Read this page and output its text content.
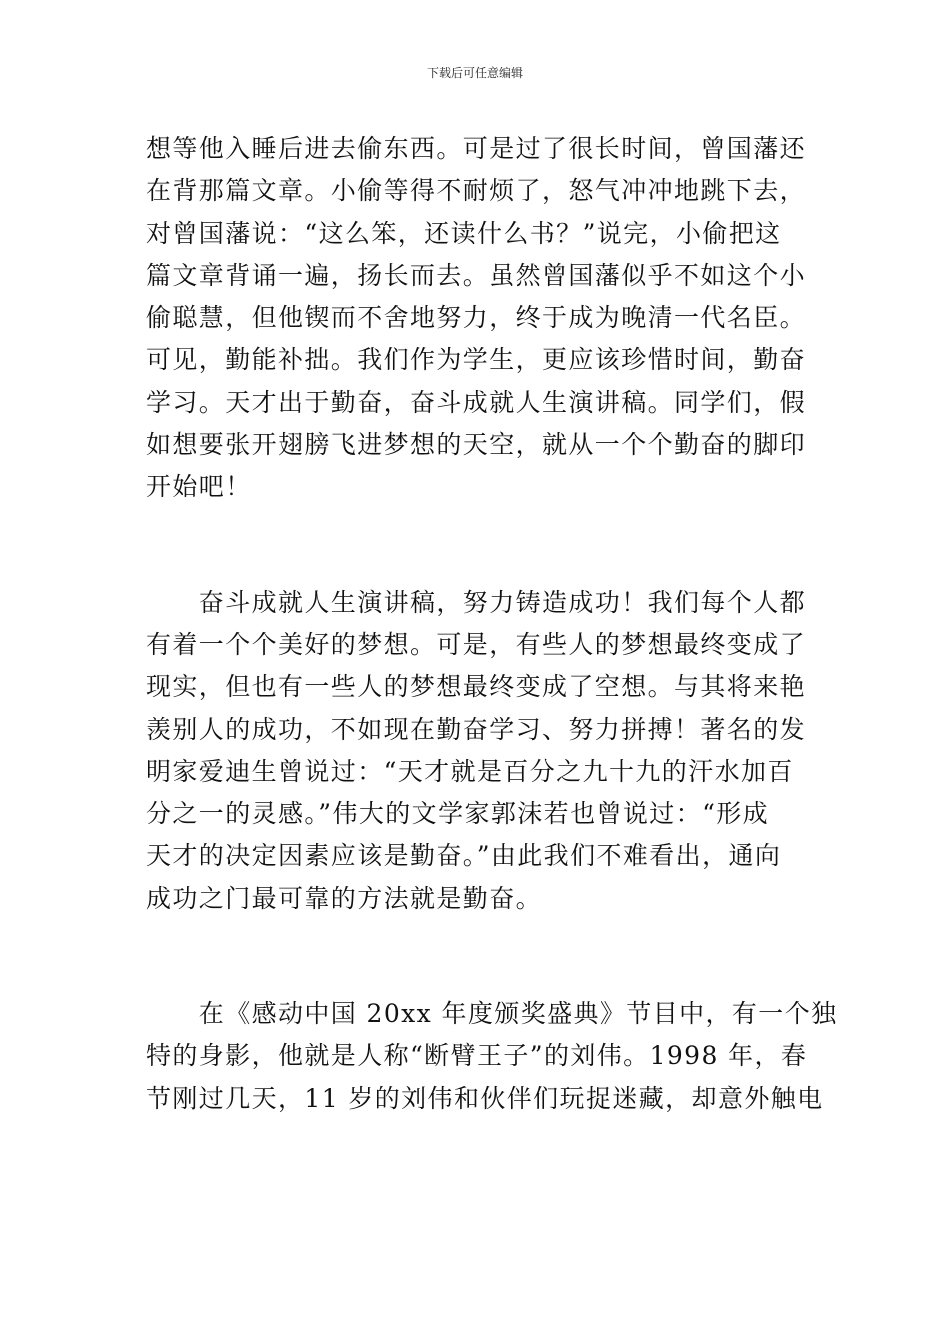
下载后可任意编辑
想等他入睡后进去偷东西。可是过了很长时间，曾国藩还
在背那篇文章。小偷等得不耐烦了，怒气冲冲地跳下去，
对曾国藩说：“这么笨，还读什么书？”说完，小偷把这
篇文章背诵一遍，扬长而去。虽然曾国藩似乎不如这个小
偷聪慧，但他锲而不舍地努力，终于成为晚清一代名臣。
可见，勤能补拙。我们作为学生，更应该珍惜时间，勤奋
学习。天才出于勤奋，奋斗成就人生演讲稿。同学们，假
如想要张开翅膀飞进梦想的天空，就从一个个勤奋的脚印
开始吧！
　　奋斗成就人生演讲稿，努力铸造成功！我们每个人都
有着一个个美好的梦想。可是，有些人的梦想最终变成了
现实，但也有一些人的梦想最终变成了空想。与其将来艳
羡别人的成功，不如现在勤奋学习、努力拼搏！著名的发
明家爱迪生曾说过：“天才就是百分之九十九的汗水加百
分之一的灵感。”伟大的文学家郭沫若也曾说过：“形成
天才的决定因素应该是勤奋。”由此我们不难看出，通向
成功之门最可靠的方法就是勤奋。
　　在《感动中国 20xx 年度颁奖盛典》节目中，有一个独
特的身影，他就是人称“断臂王子”的刘伟。1998 年，春
节刚过几天，11 岁的刘伟和伙伴们玩捉迷藏，却意外触电
